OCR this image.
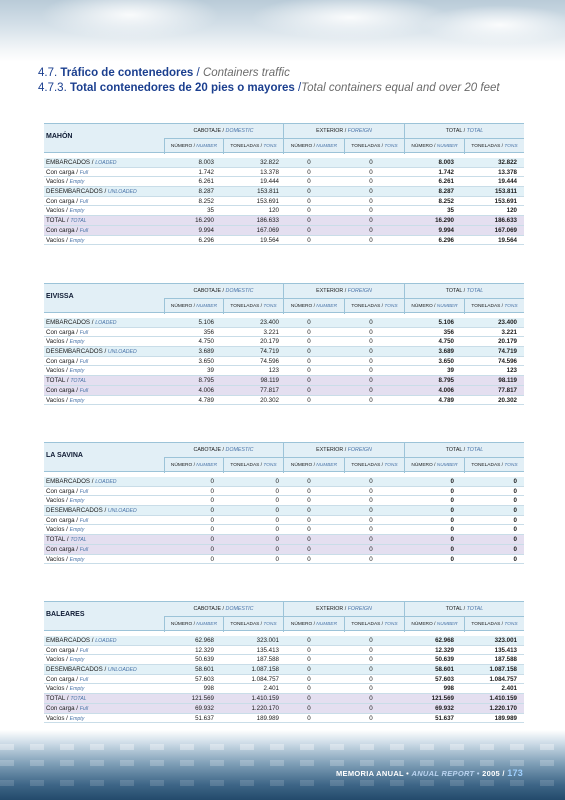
4.7. Tráfico de contenedores / Containers traffic
4.7.3. Total contenedores de 20 pies o mayores /Total containers equal and over 20 feet
MAHÓN
CABOTAJE / DOMESTIC	EXTERIOR / FOREIGN	TOTAL / TOTAL
NÚMERO / NUMBER	TONELADAS / TONS	NÚMERO / NUMBER	TONELADAS / TONS	NÚMERO / NUMBER	TONELADAS / TONS
EMBARCADOS / LOADED	8.003	32.822	0	0	8.003	32.822
Con carga / Full	1.742	13.378	0	0	1.742	13.378
Vacíos / Empty	6.261	19.444	0	0	6.261	19.444
DESEMBARCADOS / UNLOADED	8.287	153.811	0	0	8.287	153.811
Con carga / Full	8.252	153.691	0	0	8.252	153.691
Vacíos / Empty	35	120	0	0	35	120
TOTAL / TOTAL	16.290	186.633	0	0	16.290	186.633
Con carga / Full	9.994	167.069	0	0	9.994	167.069
Vacíos / Empty	6.296	19.564	0	0	6.296	19.564
EIVISSA
CABOTAJE / DOMESTIC	EXTERIOR / FOREIGN	TOTAL / TOTAL
NÚMERO / NUMBER	TONELADAS / TONS	NÚMERO / NUMBER	TONELADAS / TONS	NÚMERO / NUMBER	TONELADAS / TONS
EMBARCADOS / LOADED	5.106	23.400	0	0	5.106	23.400
Con carga / Full	356	3.221	0	0	356	3.221
Vacíos / Empty	4.750	20.179	0	0	4.750	20.179
DESEMBARCADOS / UNLOADED	3.689	74.719	0	0	3.689	74.719
Con carga / Full	3.650	74.596	0	0	3.650	74.596
Vacíos / Empty	39	123	0	0	39	123
TOTAL / TOTAL	8.795	98.119	0	0	8.795	98.119
Con carga / Full	4.006	77.817	0	0	4.006	77.817
Vacíos / Empty	4.789	20.302	0	0	4.789	20.302
LA SAVINA
CABOTAJE / DOMESTIC	EXTERIOR / FOREIGN	TOTAL / TOTAL
NÚMERO / NUMBER	TONELADAS / TONS	NÚMERO / NUMBER	TONELADAS / TONS	NÚMERO / NUMBER	TONELADAS / TONS
EMBARCADOS / LOADED	0	0	0	0	0	0
Con carga / Full	0	0	0	0	0	0
Vacíos / Empty	0	0	0	0	0	0
DESEMBARCADOS / UNLOADED	0	0	0	0	0	0
Con carga / Full	0	0	0	0	0	0
Vacíos / Empty	0	0	0	0	0	0
TOTAL / TOTAL	0	0	0	0	0	0
Con carga / Full	0	0	0	0	0	0
Vacíos / Empty	0	0	0	0	0	0
BALEARES
CABOTAJE / DOMESTIC	EXTERIOR / FOREIGN	TOTAL / TOTAL
NÚMERO / NUMBER	TONELADAS / TONS	NÚMERO / NUMBER	TONELADAS / TONS	NÚMERO / NUMBER	TONELADAS / TONS
EMBARCADOS / LOADED	62.968	323.001	0	0	62.968	323.001
Con carga / Full	12.329	135.413	0	0	12.329	135.413
Vacíos / Empty	50.639	187.588	0	0	50.639	187.588
DESEMBARCADOS / UNLOADED	58.601	1.087.158	0	0	58.601	1.087.158
Con carga / Full	57.603	1.084.757	0	0	57.603	1.084.757
Vacíos / Empty	998	2.401	0	0	998	2.401
TOTAL / TOTAL	121.569	1.410.159	0	0	121.569	1.410.159
Con carga / Full	69.932	1.220.170	0	0	69.932	1.220.170
Vacíos / Empty	51.637	189.989	0	0	51.637	189.989
MEMORIA ANUAL • ANUAL REPORT • 2005 / 173
